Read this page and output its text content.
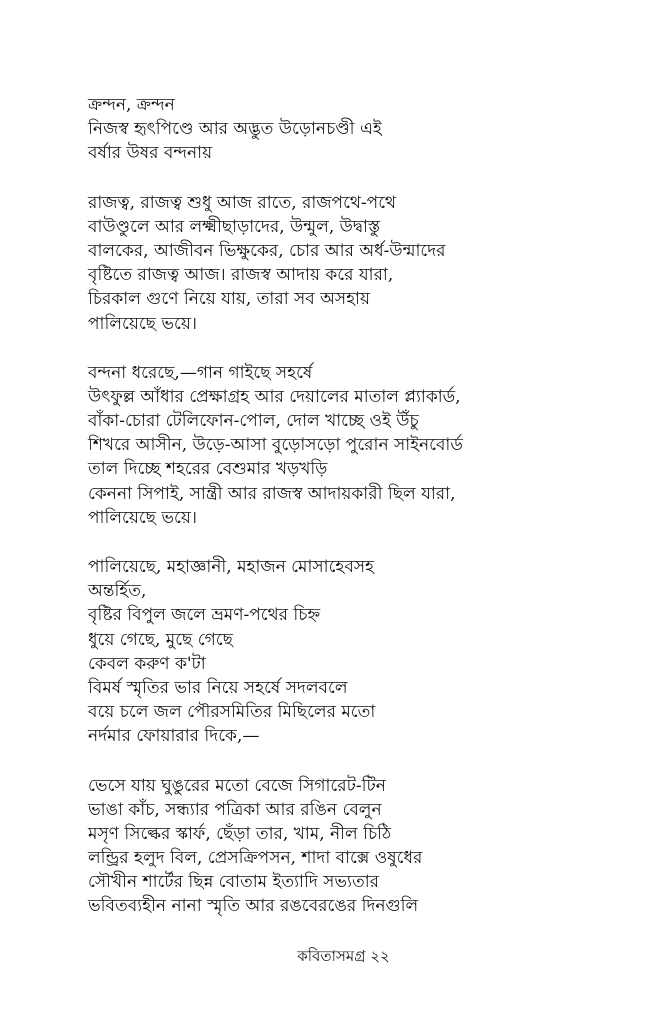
ক্রন্দন, ক্রন্দন
নিজস্ব হৃৎপিণ্ডে আর অদ্ভুত উড়োনচণ্ডী এই
বর্ষার উষর বন্দনায়
রাজত্ব, রাজত্ব শুধু আজ রাতে, রাজপথে-পথে
বাউণ্ডুলে আর লক্ষ্মীছাড়াদের, উন্মুল, উদ্বাস্তু
বালকের, আজীবন ভিক্ষুকের, চোর আর অর্ধ-উন্মাদের
বৃষ্টিতে রাজত্ব আজ। রাজস্ব আদায় করে যারা,
চিরকাল গুণে নিয়ে যায়, তারা সব অসহায়
পালিয়েছে ভয়ে।
বন্দনা ধরেছে,—গান গাইছে সহর্ষে
উৎফুল্ল আঁধার প্রেক্ষাগ্রহ আর দেয়ালের মাতাল প্ল্যাকার্ড,
বাঁকা-চোরা টেলিফোন-পোল, দোল খাচ্ছে ওই উঁচু
শিখরে আসীন, উড়ে-আসা বুড়োসড়ো পুরোন সাইনবোর্ড
তাল দিচ্ছে শহরের বেশুমার খড়খড়ি
কেননা সিপাই, সান্ত্রী আর রাজস্ব আদায়কারী ছিল যারা,
পালিয়েছে ভয়ে।
পালিয়েছে, মহাজ্ঞানী, মহাজন মোসাহেবসহ
অন্তর্হিত,
বৃষ্টির বিপুল জলে ভ্রমণ-পথের চিহ্ন
ধুয়ে গেছে, মুছে গেছে
কেবল করুণ ক'টা
বিমর্ষ স্মৃতির ভার নিয়ে সহর্ষে সদলবলে
বয়ে চলে জল পৌরসমিতির মিছিলের মতো
নর্দমার ফোয়ারার দিকে,—
ভেসে যায় ঘুঙুরের মতো বেজে সিগারেট-টিন
ভাঙা কাঁচ, সন্ধ্যার পত্রিকা আর রঙিন বেলুন
মসৃণ সিল্কের স্কার্ফ, ছেঁড়া তার, খাম, নীল চিঠি
লন্ড্রির হলুদ বিল, প্রেসক্রিপসন, শাদা বাক্সে ওষুধের
সৌখীন শার্টের ছিন্ন বোতাম ইত্যাদি সভ্যতার
ভবিতব্যহীন নানা স্মৃতি আর রঙবেরঙের দিনগুলি
কবিতাসমগ্র ২২
